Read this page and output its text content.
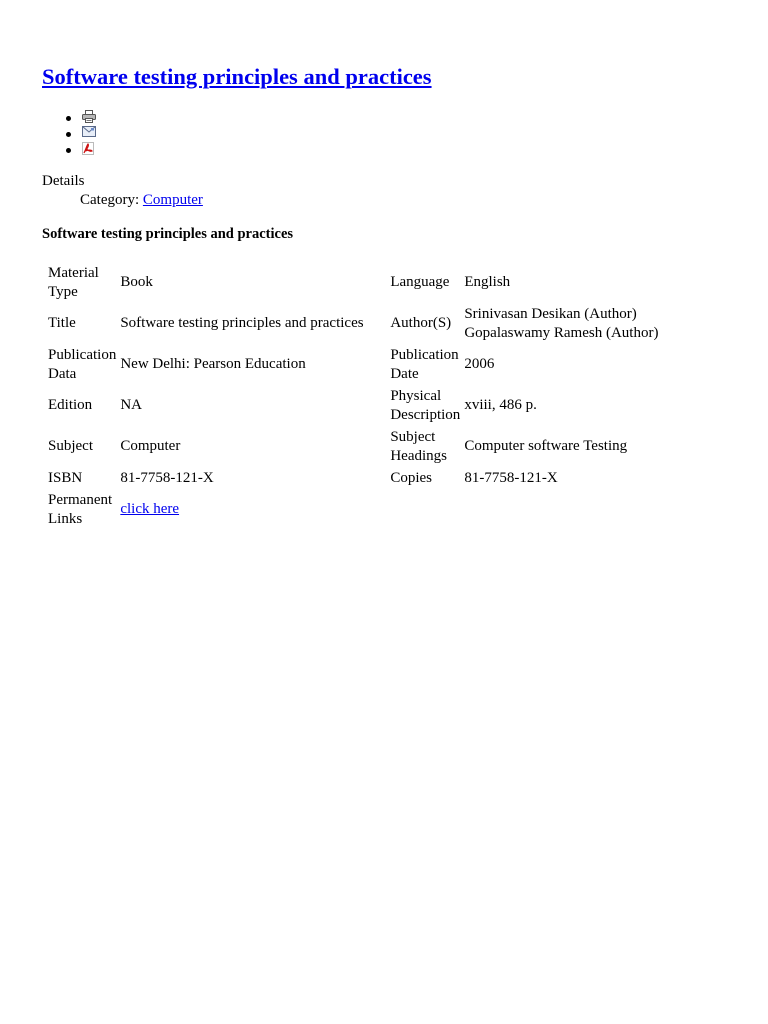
Software testing principles and practices
Details
Category: Computer
Software testing principles and practices
Material Type	Book	Language	English
Title	Software testing principles and practices	Author(S)	Srinivasan Desikan (Author)
Gopalaswamy Ramesh (Author)

Publication Data	New Delhi: Pearson Education	Publication Date	2006
Edition	NA	Physical Description	xviii, 486 p.
Subject	Computer	Subject Headings	Computer software Testing
ISBN	81-7758-121-X	Copies	81-7758-121-X
Permanent Links	click here		
